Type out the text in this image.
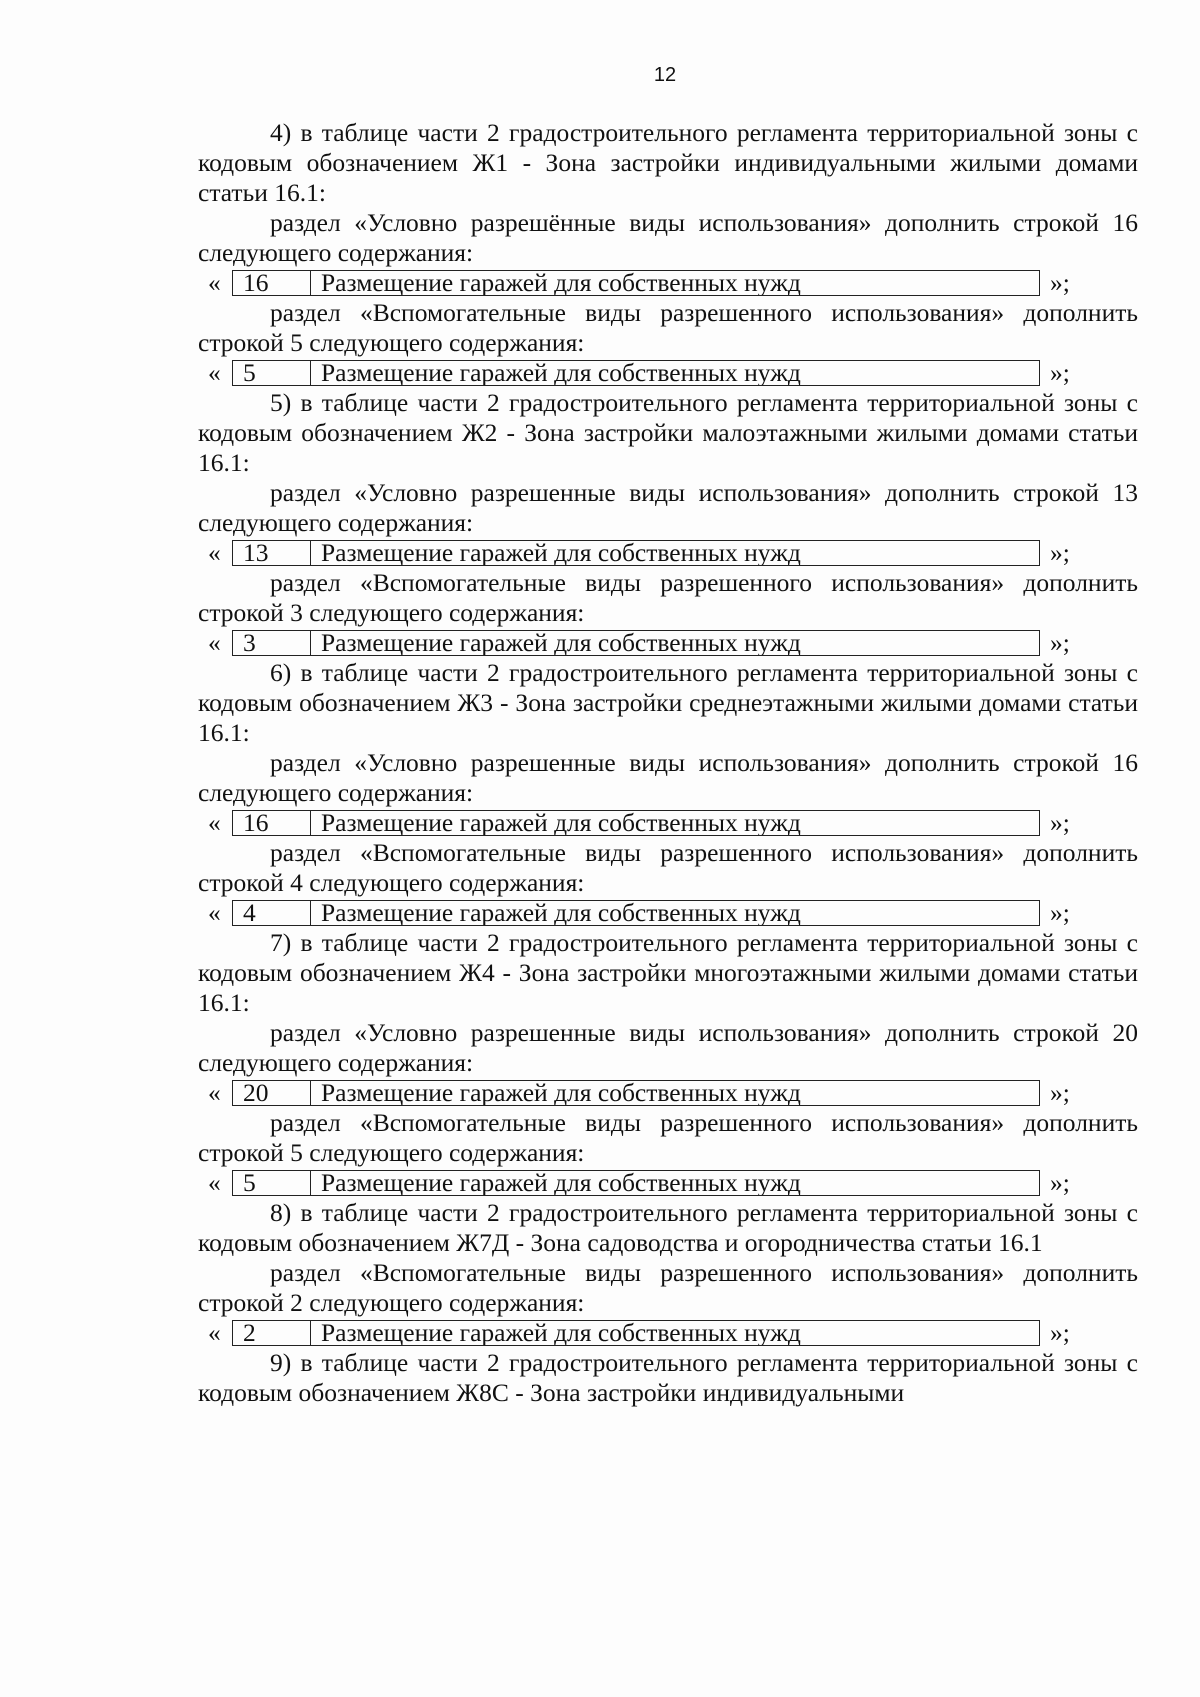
12

4) в таблице части 2 градостроительного регламента территориальной зоны с кодовым обозначением Ж1 - Зона застройки индивидуальными жилыми домами статьи 16.1:

раздел «Условно разрешённые виды использования» дополнить строкой 16 следующего содержания:

« 16	Размещение гаражей для собственных нужд	»;

раздел «Вспомогательные виды разрешенного использования» дополнить строкой 5 следующего содержания:

« 5	Размещение гаражей для собственных нужд	»;

5) в таблице части 2 градостроительного регламента территориальной зоны с кодовым обозначением Ж2 - Зона застройки малоэтажными жилыми домами статьи 16.1:

раздел «Условно разрешенные виды использования» дополнить строкой 13 следующего содержания:

« 13	Размещение гаражей для собственных нужд	»;

раздел «Вспомогательные виды разрешенного использования» дополнить строкой 3 следующего содержания:

« 3	Размещение гаражей для собственных нужд	»;

6) в таблице части 2 градостроительного регламента территориальной зоны с кодовым обозначением Ж3 - Зона застройки среднеэтажными жилыми домами статьи 16.1:

раздел «Условно разрешенные виды использования» дополнить строкой 16 следующего содержания:

« 16	Размещение гаражей для собственных нужд	»;

раздел «Вспомогательные виды разрешенного использования» дополнить строкой 4 следующего содержания:

« 4	Размещение гаражей для собственных нужд	»;

7) в таблице части 2 градостроительного регламента территориальной зоны с кодовым обозначением Ж4 - Зона застройки многоэтажными жилыми домами статьи 16.1:

раздел «Условно разрешенные виды использования» дополнить строкой 20 следующего содержания:

« 20	Размещение гаражей для собственных нужд	»;

раздел «Вспомогательные виды разрешенного использования» дополнить строкой 5 следующего содержания:

« 5	Размещение гаражей для собственных нужд	»;

8) в таблице части 2 градостроительного регламента территориальной зоны с кодовым обозначением Ж7Д - Зона садоводства и огородничества статьи 16.1

раздел «Вспомогательные виды разрешенного использования» дополнить строкой 2 следующего содержания:

« 2	Размещение гаражей для собственных нужд	»;

9) в таблице части 2 градостроительного регламента территориальной зоны с кодовым обозначением Ж8С - Зона застройки индивидуальными
